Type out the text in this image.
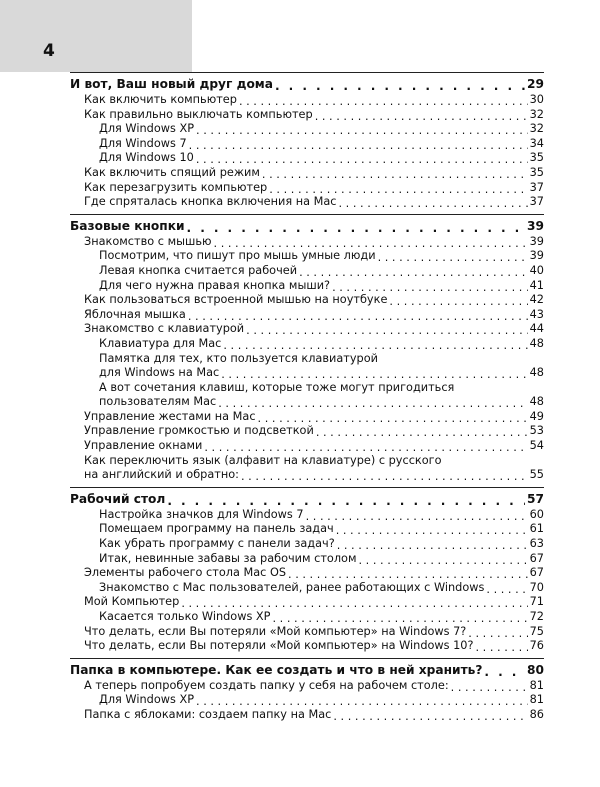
4
И вот, Ваш новый друг дома . . .	29
Как включить компьютер . . .	30
Как правильно выключать компьютер . . .	32
Для Windows XP . . .	32
Для Windows 7 . . .	34
Для Windows 10 . . .	35
Как включить спящий режим . . .	35
Как перезагрузить компьютер . . .	37
Где спряталась кнопка включения на Мас . . .	37
Базовые кнопки . . .	39
Знакомство с мышью . . .	39
Посмотрим, что пишут про мышь умные люди . . .	39
Левая кнопка считается рабочей . . .	40
Для чего нужна правая кнопка мыши? . . .	41
Как пользоваться встроенной мышью на ноутбуке . . .	42
Яблочная мышка . . .	43
Знакомство с клавиатурой . . .	44
Клавиатура для Мас . . .	48
Памятка для тех, кто пользуется клавиатурой
для Windows на Мас . . .	48
А вот сочетания клавиш, которые тоже могут пригодиться
пользователям Мас . . .	48
Управление жестами на Мас . . .	49
Управление громкостью и подсветкой . . .	53
Управление окнами . . .	54
Как переключить язык (алфавит на клавиатуре) с русского
на английский и обратно: . . .	55
Рабочий стол . . .	57
Настройка значков для Windows 7 . . .	60
Помещаем программу на панель задач . . .	61
Как убрать программу с панели задач? . . .	63
Итак, невинные забавы за рабочим столом . . .	67
Элементы рабочего стола Мас OS . . .	67
Знакомство с Мас пользователей, ранее работающих с Windows . . .	70
Мой Компьютер . . .	71
Касается только Windows XP . . .	72
Что делать, если Вы потеряли «Мой компьютер» на Windows 7? . . .	75
Что делать, если Вы потеряли «Мой компьютер» на Windows 10? . . .	76
Папка в компьютере. Как ее создать и что в ней хранить? . . .	80
А теперь попробуем создать папку у себя на рабочем столе: . . .	81
Для Windows XP . . .	81
Папка с яблоками: создаем папку на Мас . . .	86
